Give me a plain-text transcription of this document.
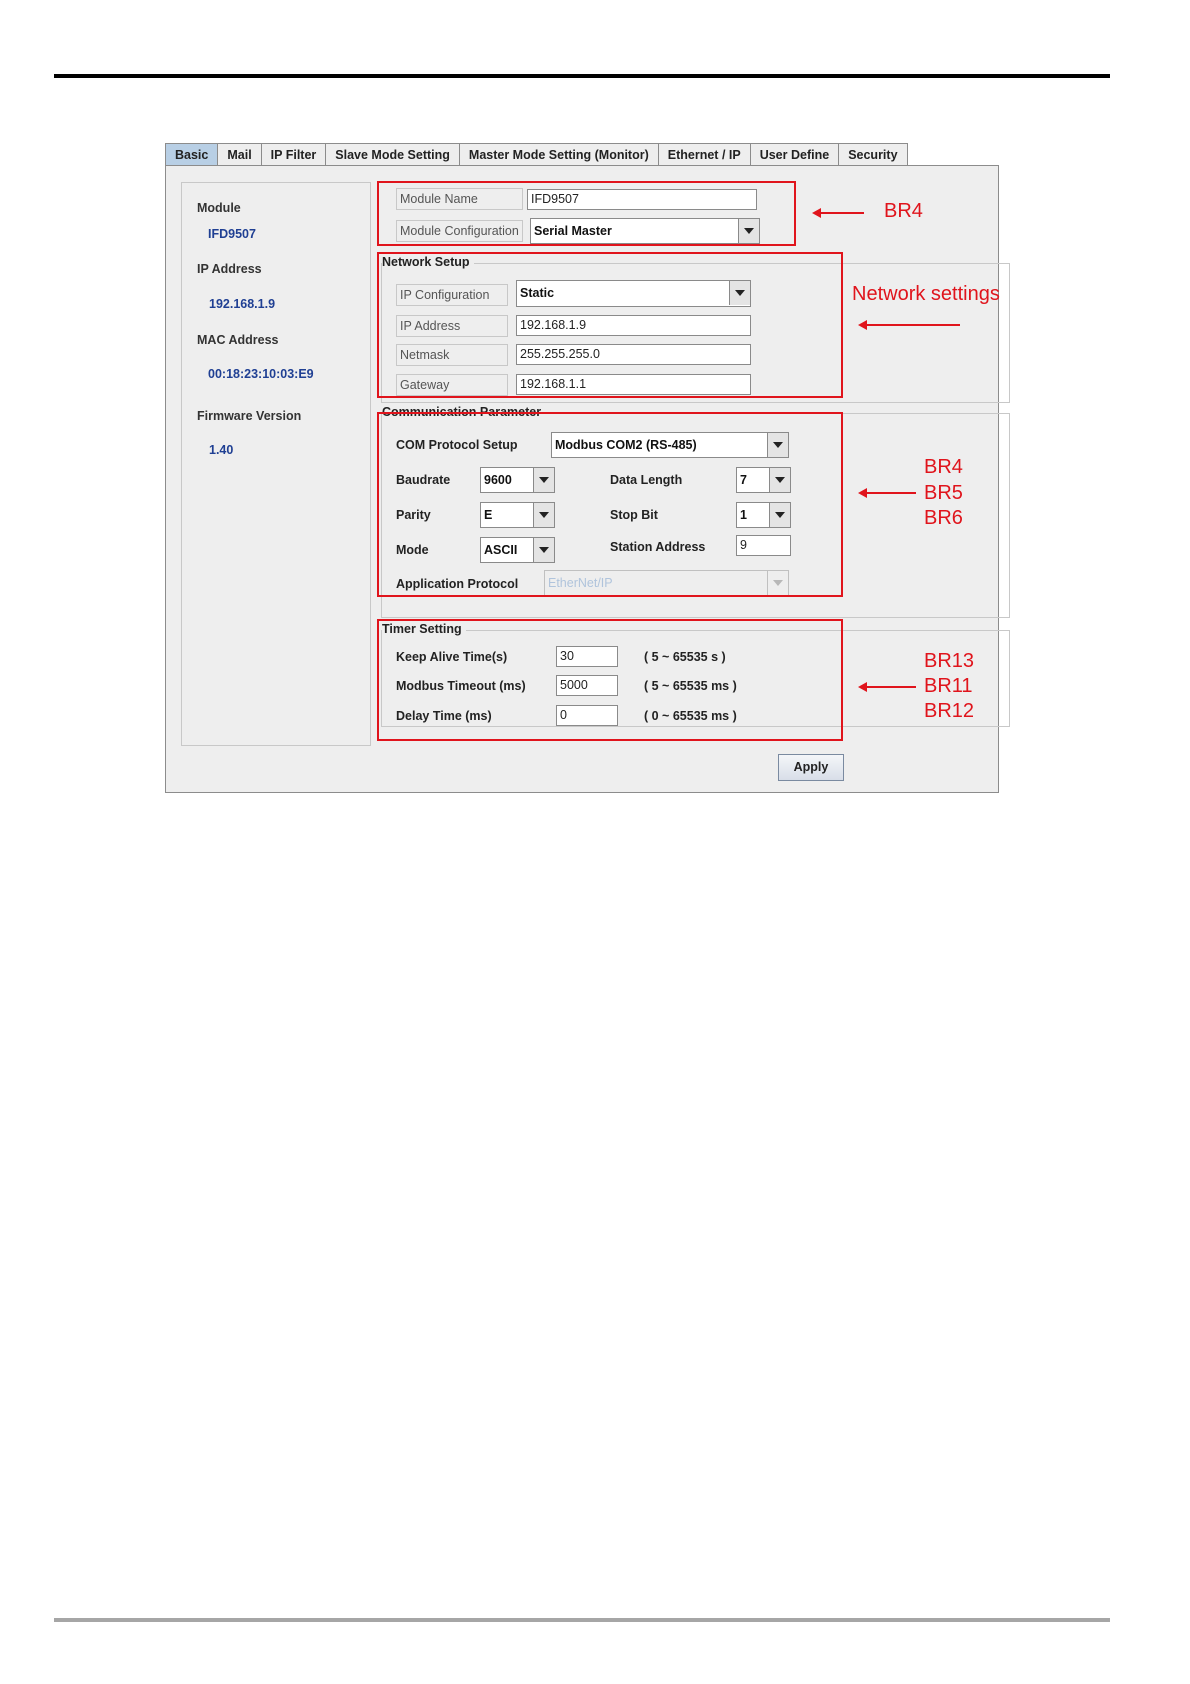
Basic	Mail	IP Filter	Slave Mode Setting	Master Mode Setting (Monitor)	Ethernet / IP	User Define	Security
Module
IFD9507
IP Address
192.168.1.9
MAC Address
00:18:23:10:03:E9
Firmware Version
1.40
Module Name	IFD9507
Module Configuration	Serial Master
Network Setup
IP Configuration	Static
IP Address	192.168.1.9
Netmask	255.255.255.0
Gateway	192.168.1.1
Communication Parameter
COM Protocol Setup	Modbus COM2 (RS-485)
Baudrate	9600	Data Length	7
Parity	E	Stop Bit	1
Mode	ASCII	Station Address	9
Application Protocol	EtherNet/IP
Timer Setting
Keep Alive Time(s)	30	( 5 ~ 65535 s )
Modbus Timeout (ms)	5000	( 5 ~ 65535 ms )
Delay Time (ms)	0	( 0 ~ 65535 ms )
Apply
BR4
Network settings
BR4
BR5
BR6
BR13
BR11
BR12
